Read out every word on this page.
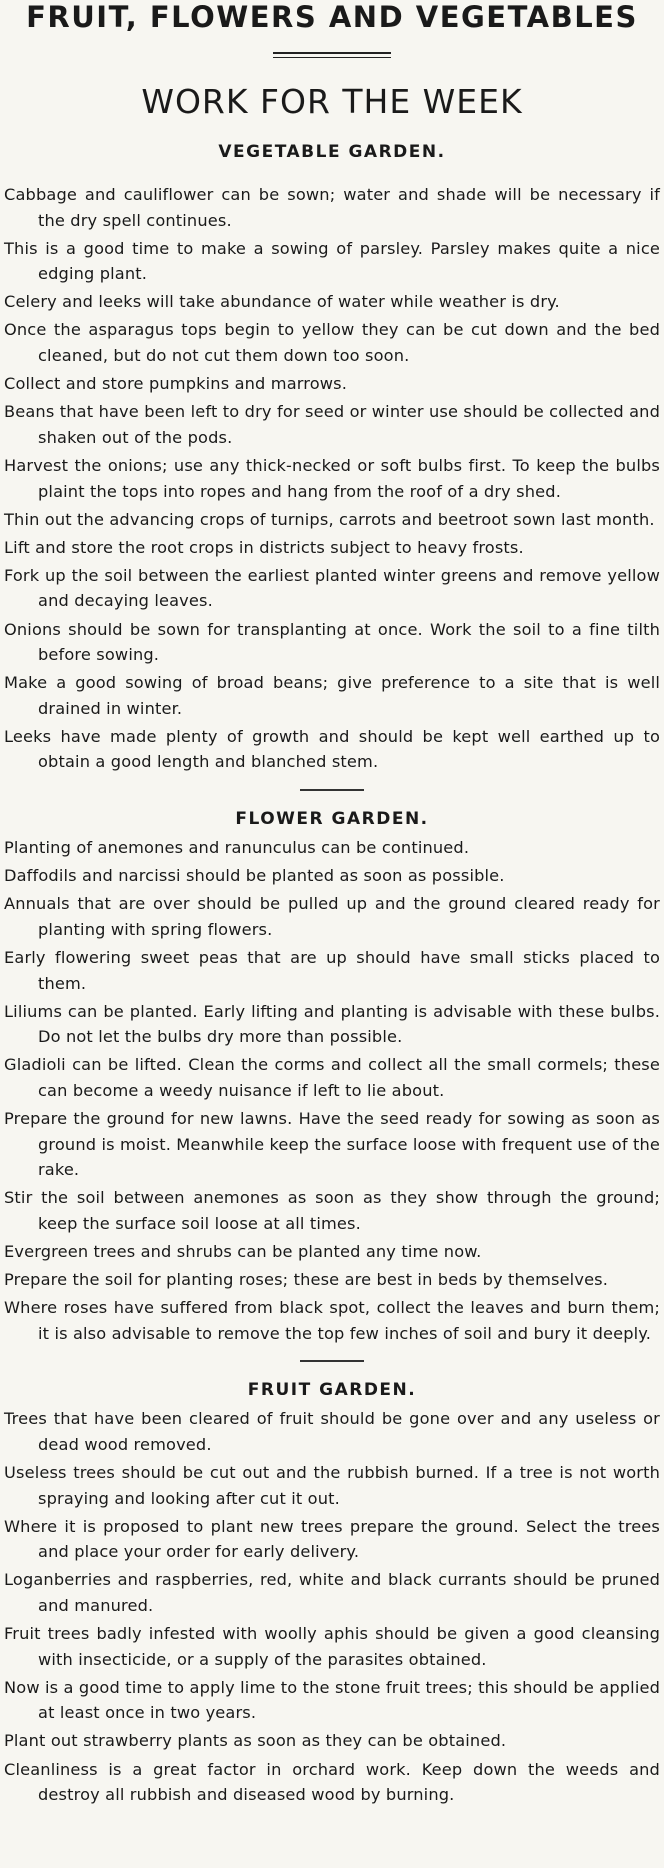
FRUIT, FLOWERS AND VEGETABLES
WORK FOR THE WEEK
VEGETABLE GARDEN.
Cabbage and cauliflower can be sown; water and shade will be necessary if the dry spell continues.
This is a good time to make a sowing of parsley. Parsley makes quite a nice edging plant.
Celery and leeks will take abundance of water while weather is dry.
Once the asparagus tops begin to yellow they can be cut down and the bed cleaned, but do not cut them down too soon.
Collect and store pumpkins and marrows.
Beans that have been left to dry for seed or winter use should be collected and shaken out of the pods.
Harvest the onions; use any thick-necked or soft bulbs first. To keep the bulbs plaint the tops into ropes and hang from the roof of a dry shed.
Thin out the advancing crops of turnips, carrots and beetroot sown last month.
Lift and store the root crops in districts subject to heavy frosts.
Fork up the soil between the earliest planted winter greens and remove yellow and decaying leaves.
Onions should be sown for transplanting at once. Work the soil to a fine tilth before sowing.
Make a good sowing of broad beans; give preference to a site that is well drained in winter.
Leeks have made plenty of growth and should be kept well earthed up to obtain a good length and blanched stem.
FLOWER GARDEN.
Planting of anemones and ranunculus can be continued.
Daffodils and narcissi should be planted as soon as possible.
Annuals that are over should be pulled up and the ground cleared ready for planting with spring flowers.
Early flowering sweet peas that are up should have small sticks placed to them.
Liliums can be planted. Early lifting and planting is advisable with these bulbs. Do not let the bulbs dry more than possible.
Gladioli can be lifted. Clean the corms and collect all the small cormels; these can become a weedy nuisance if left to lie about.
Prepare the ground for new lawns. Have the seed ready for sowing as soon as ground is moist. Meanwhile keep the surface loose with frequent use of the rake.
Stir the soil between anemones as soon as they show through the ground; keep the surface soil loose at all times.
Evergreen trees and shrubs can be planted any time now.
Prepare the soil for planting roses; these are best in beds by themselves.
Where roses have suffered from black spot, collect the leaves and burn them; it is also advisable to remove the top few inches of soil and bury it deeply.
FRUIT GARDEN.
Trees that have been cleared of fruit should be gone over and any useless or dead wood removed.
Useless trees should be cut out and the rubbish burned. If a tree is not worth spraying and looking after cut it out.
Where it is proposed to plant new trees prepare the ground. Select the trees and place your order for early delivery.
Loganberries and raspberries, red, white and black currants should be pruned and manured.
Fruit trees badly infested with woolly aphis should be given a good cleansing with insecticide, or a supply of the parasites obtained.
Now is a good time to apply lime to the stone fruit trees; this should be applied at least once in two years.
Plant out strawberry plants as soon as they can be obtained.
Cleanliness is a great factor in orchard work. Keep down the weeds and destroy all rubbish and diseased wood by burning.
